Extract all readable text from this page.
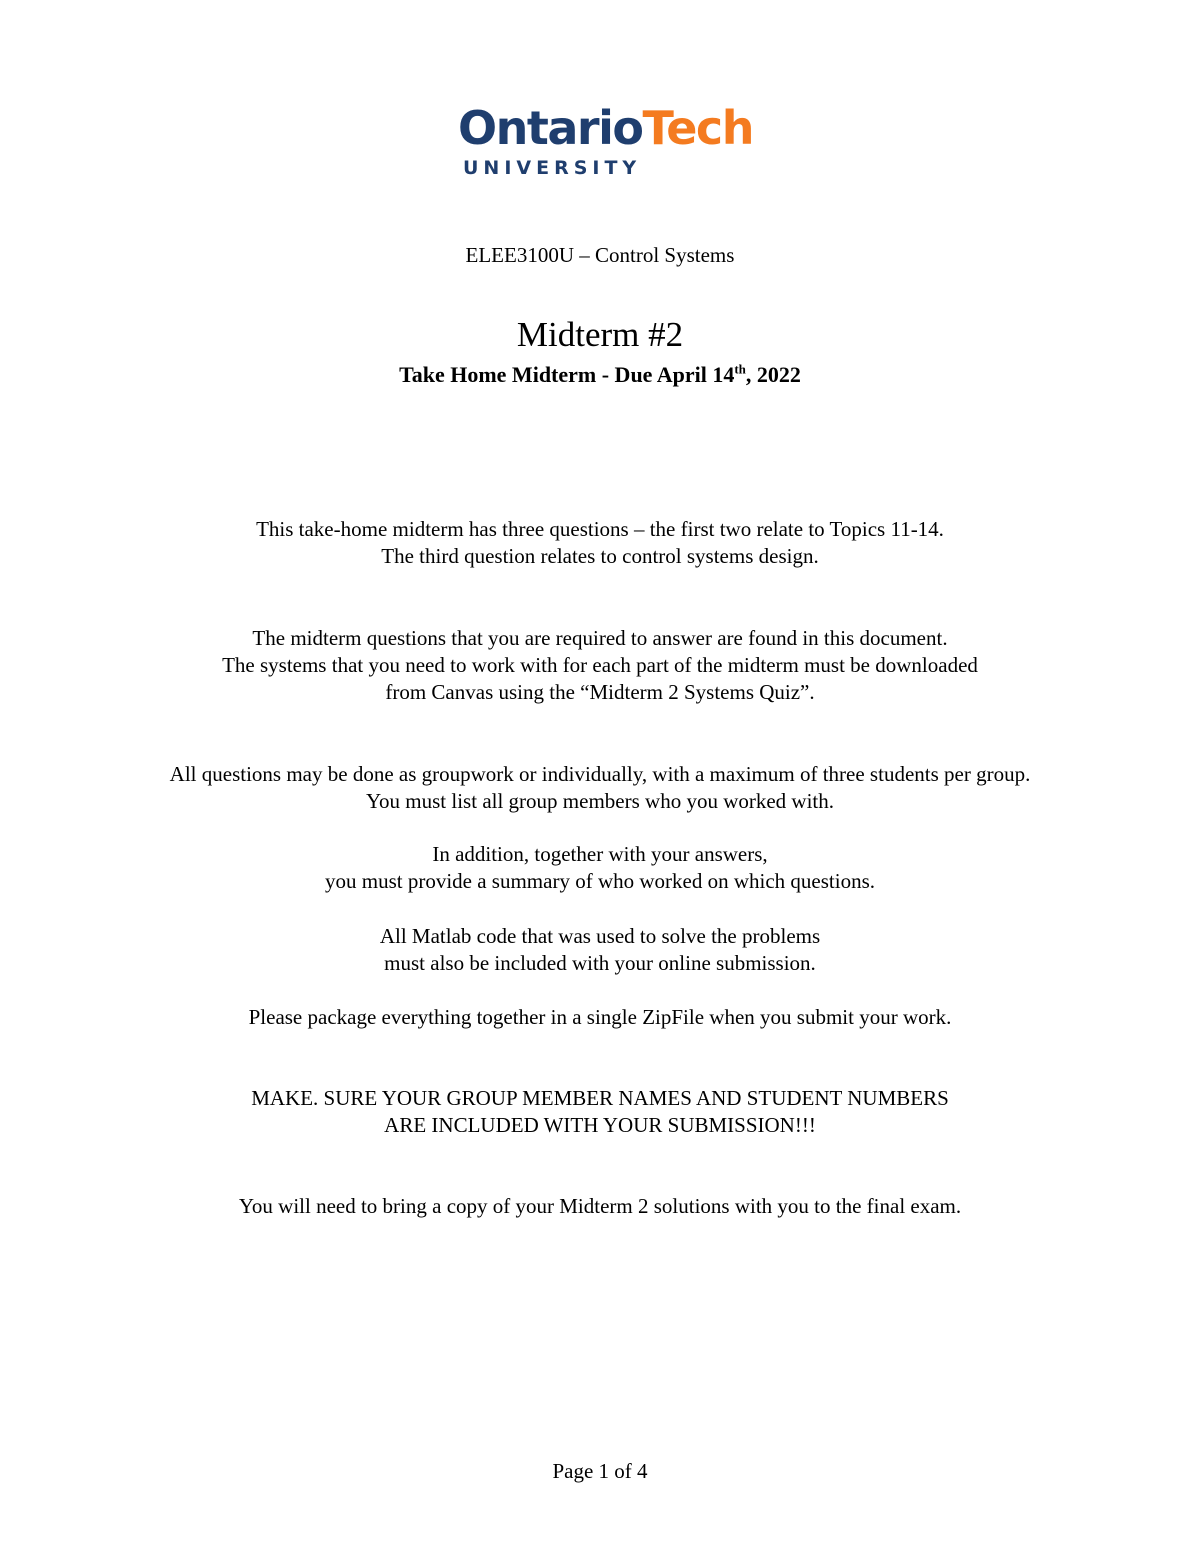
OntarioTech
UNIVERSITY
ELEE3100U – Control Systems
Midterm #2
Take Home Midterm - Due April 14th, 2022
This take-home midterm has three questions – the first two relate to Topics 11-14.
The third question relates to control systems design.
The midterm questions that you are required to answer are found in this document.
The systems that you need to work with for each part of the midterm must be downloaded
from Canvas using the “Midterm 2 Systems Quiz”.
All questions may be done as groupwork or individually, with a maximum of three students per group.
You must list all group members who you worked with.
In addition, together with your answers,
you must provide a summary of who worked on which questions.
All Matlab code that was used to solve the problems
must also be included with your online submission.
Please package everything together in a single ZipFile when you submit your work.
MAKE. SURE YOUR GROUP MEMBER NAMES AND STUDENT NUMBERS
ARE INCLUDED WITH YOUR SUBMISSION!!!
You will need to bring a copy of your Midterm 2 solutions with you to the final exam.
Page 1 of 4
